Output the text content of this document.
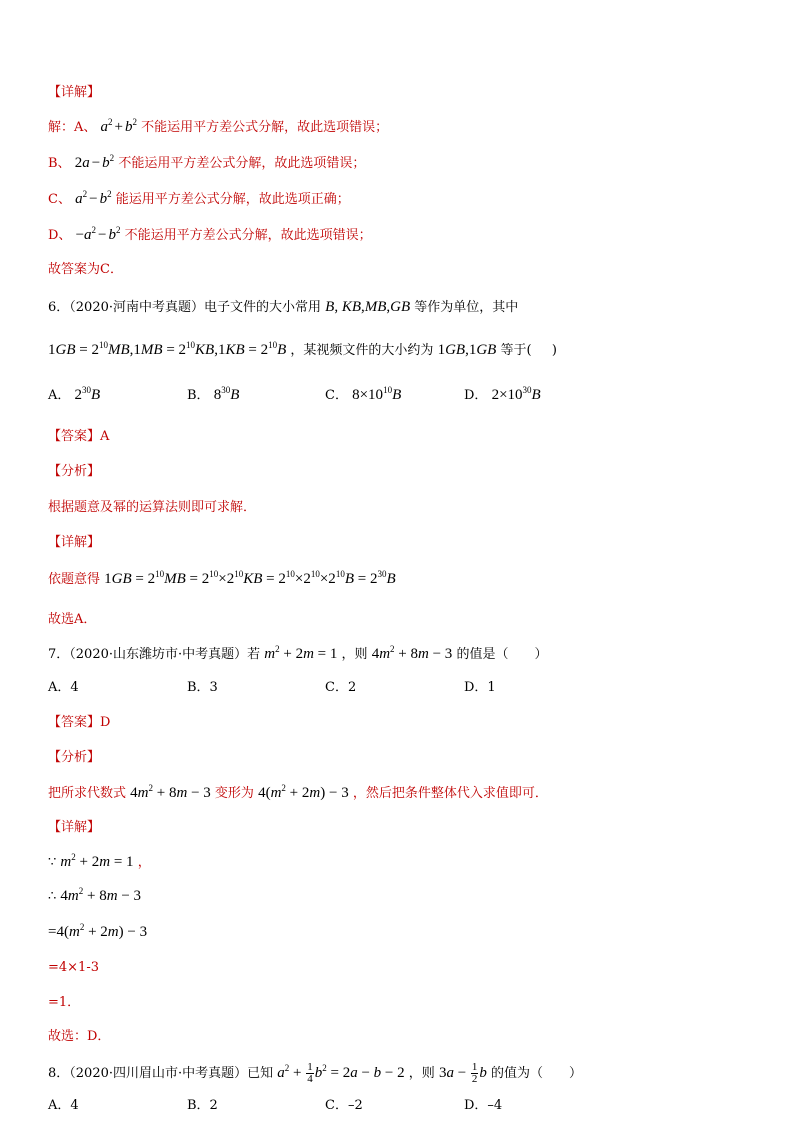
【详解】
解：A、 $a^2 + b^2$ 不能运用平方差公式分解，故此选项错误；
B、 $2a - b^2$ 不能运用平方差公式分解，故此选项错误；
C、 $a^2 - b^2$ 能运用平方差公式分解，故此选项正确；
D、 $-a^2 - b^2$ 不能运用平方差公式分解，故此选项错误；
故答案为C．
6．（2020·河南中考真题）电子文件的大小常用 B, KB,MB,GB 等作为单位，其中
$1GB = 2^{10}MB,1MB = 2^{10}KB,1KB = 2^{10}B$ ，某视频文件的大小约为 1GB,1GB 等于( )
A． $2^{30}B$	B． $8^{30}B$	C． $8\times 10^{10}B$	D． $2\times 10^{30}B$
【答案】A
【分析】
根据题意及幂的运算法则即可求解．
【详解】
依题意得 $1GB = 2^{10}MB = 2^{10}\times 2^{10}KB = 2^{10}\times 2^{10}\times 2^{10}B = 2^{30}B$
故选A．
7．（2020·山东潍坊市·中考真题）若 $m^2 + 2m = 1$ ，则 $4m^2 + 8m - 3$ 的值是（　　）
A．4	B．3	C．2	D．1
【答案】D
【分析】
把所求代数式 $4m^2 + 8m - 3$ 变形为 $4(m^2 + 2m) - 3$ ，然后把条件整体代入求值即可．
【详解】
∵ $m^2 + 2m = 1$ ，
∴ $4m^2 + 8m - 3$
$=4(m^2 + 2m) - 3$
=4×1-3
=1．
故选：D．
8．（2020·四川眉山市·中考真题）已知 $a^2 + \frac{1}{4} b^2 = 2a - b - 2$ ，则 $3a - \frac{1}{2}$ b 的值为（　　）
A．4	B．2	C．–2	D．–4
